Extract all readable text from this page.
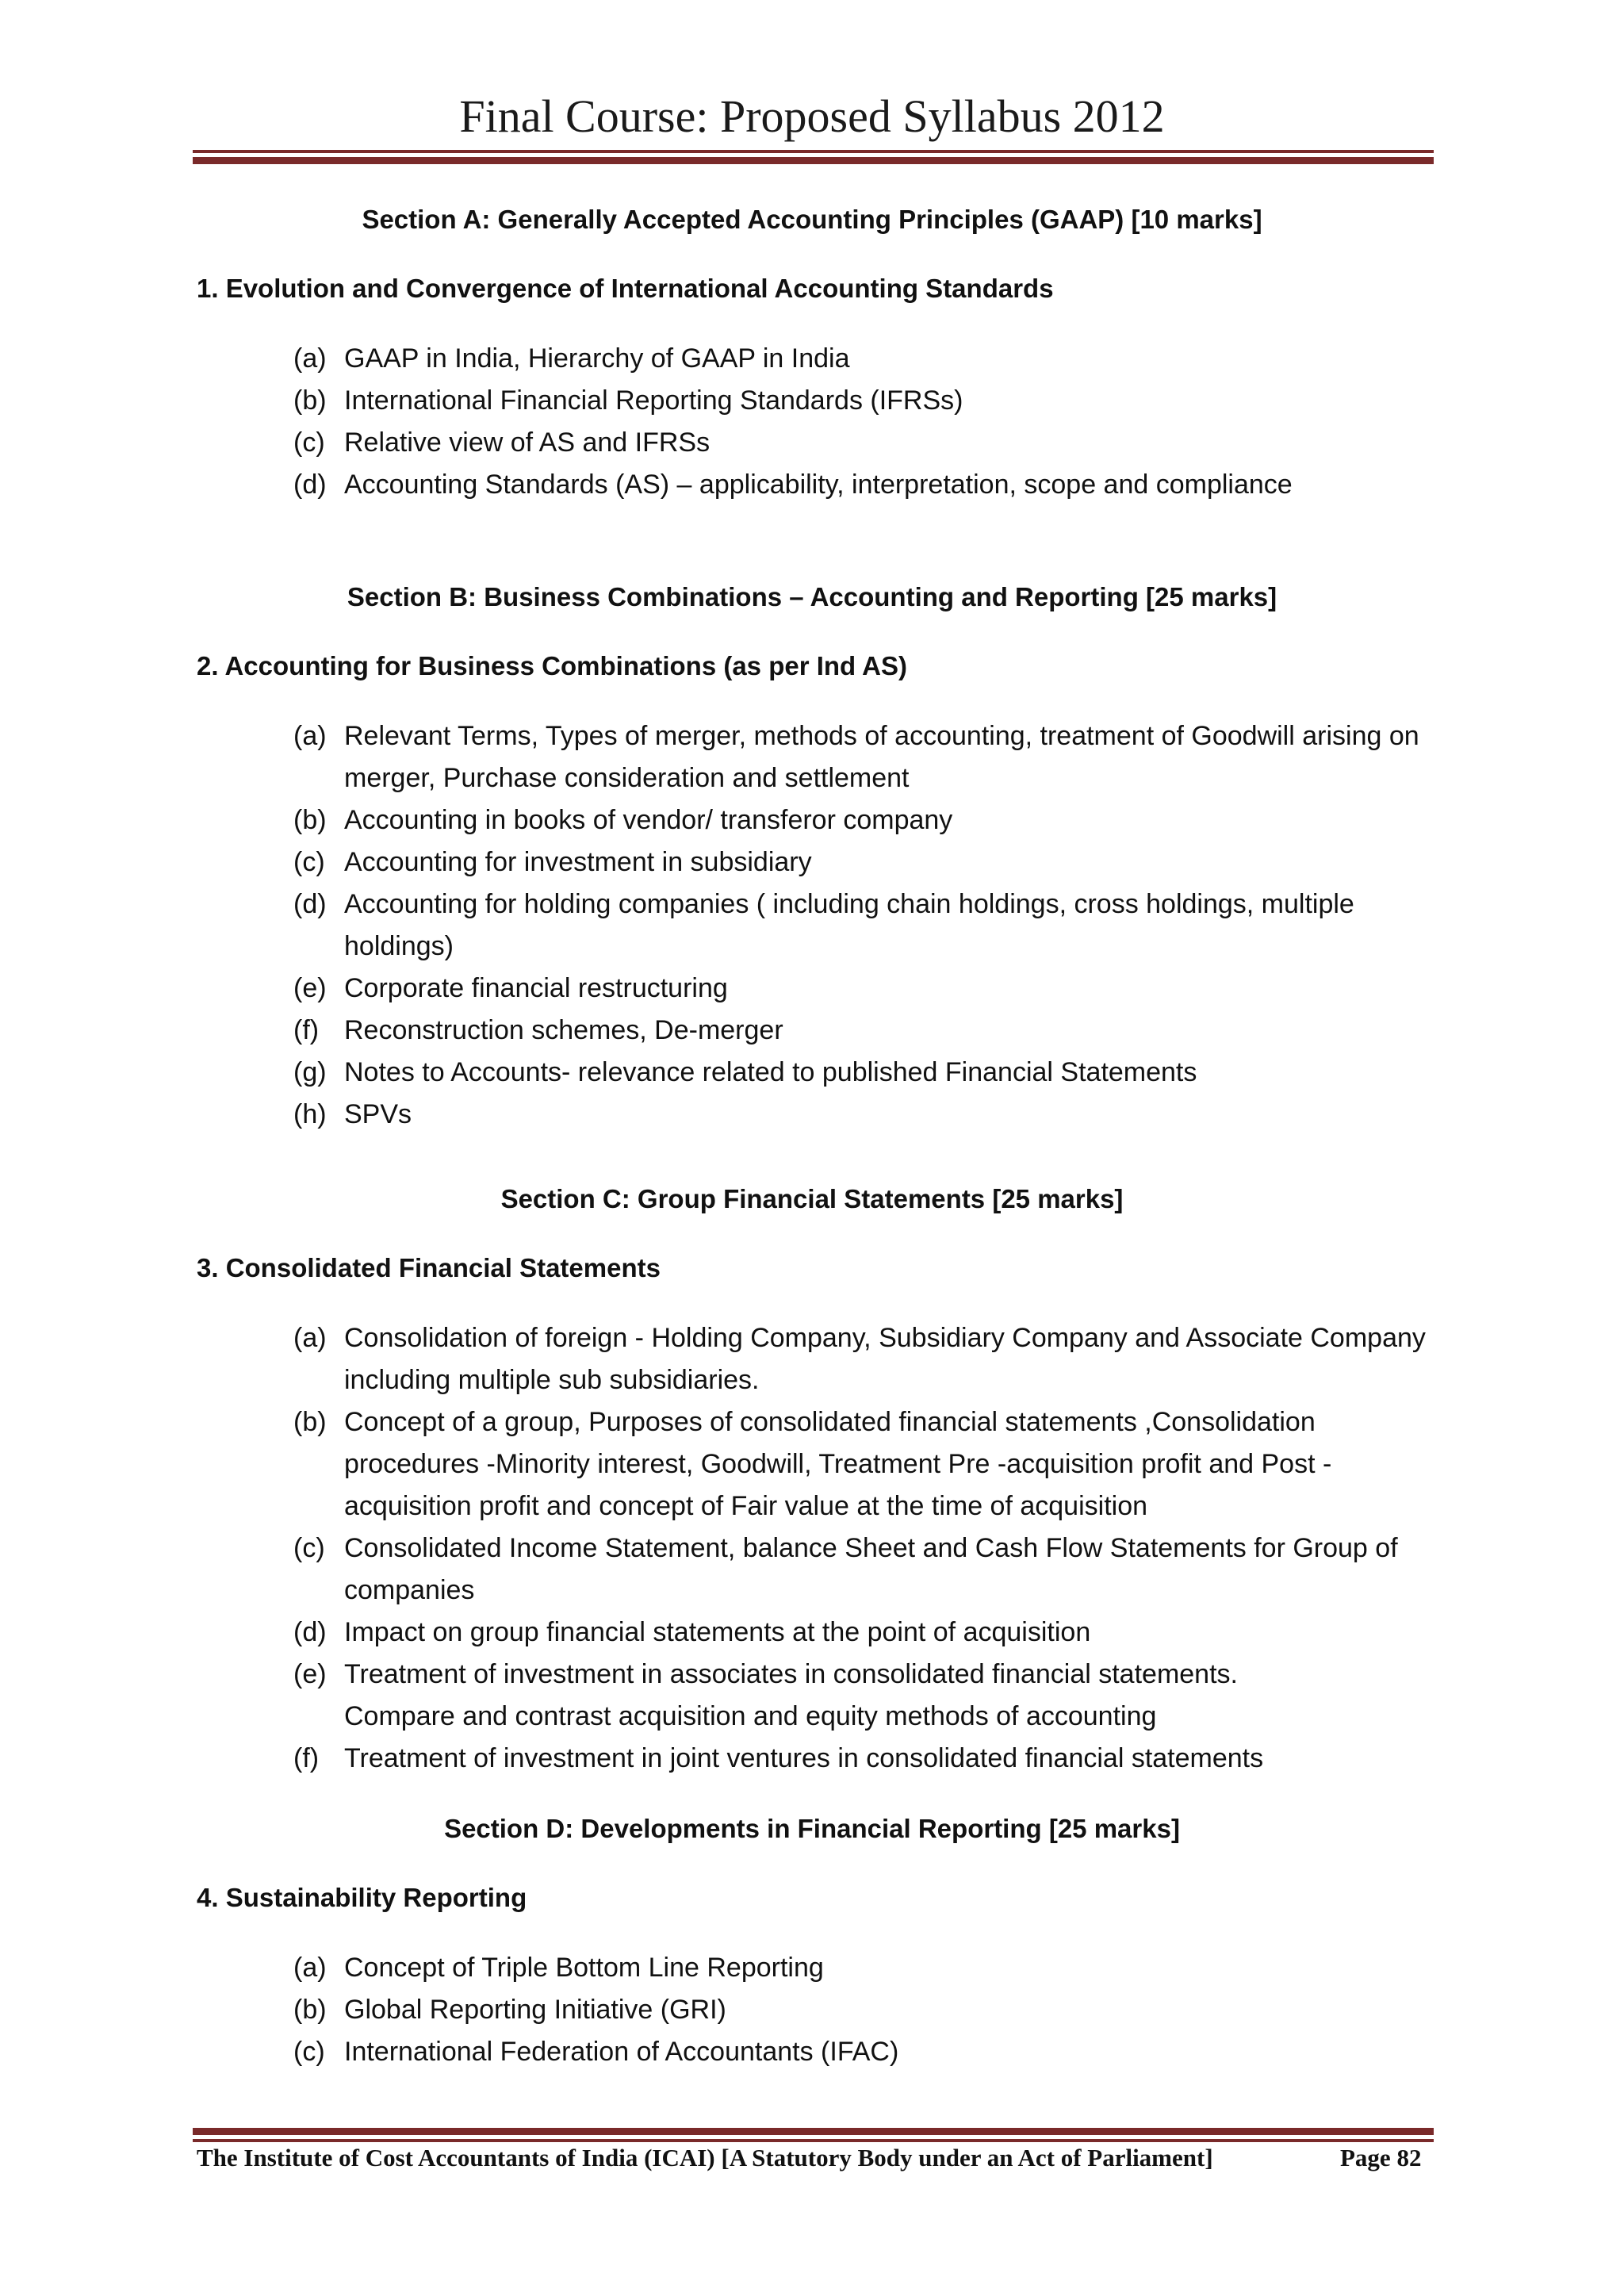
Final Course: Proposed Syllabus 2012
Section A: Generally Accepted Accounting Principles (GAAP) [10 marks]
1. Evolution and Convergence of International Accounting Standards
(a) GAAP in India, Hierarchy of GAAP in India
(b) International Financial Reporting Standards (IFRSs)
(c) Relative view of AS and IFRSs
(d) Accounting Standards (AS) – applicability, interpretation, scope and compliance
Section B: Business Combinations – Accounting and Reporting [25 marks]
2. Accounting for Business Combinations (as per Ind AS)
(a) Relevant Terms, Types of merger, methods of accounting, treatment of Goodwill arising on merger, Purchase consideration and settlement
(b) Accounting in books of vendor/ transferor company
(c) Accounting for investment in subsidiary
(d) Accounting for holding companies ( including chain holdings, cross holdings, multiple holdings)
(e) Corporate financial restructuring
(f) Reconstruction schemes, De-merger
(g) Notes to Accounts- relevance related to published Financial Statements
(h) SPVs
Section C: Group Financial Statements [25 marks]
3. Consolidated Financial Statements
(a) Consolidation of foreign - Holding Company, Subsidiary Company and Associate Company including multiple sub subsidiaries.
(b) Concept of a group, Purposes of consolidated financial statements ,Consolidation procedures -Minority interest, Goodwill, Treatment Pre -acquisition profit and Post -acquisition profit and concept of Fair value at the time of acquisition
(c) Consolidated Income Statement, balance Sheet and Cash Flow Statements for Group of companies
(d) Impact on group financial statements at the point of acquisition
(e) Treatment of investment in associates in consolidated financial statements. Compare and contrast acquisition and equity methods of accounting
(f) Treatment of investment in joint ventures in consolidated financial statements
Section D: Developments in Financial Reporting [25 marks]
4. Sustainability Reporting
(a) Concept of Triple Bottom Line Reporting
(b) Global Reporting Initiative (GRI)
(c) International Federation of Accountants (IFAC)
The Institute of Cost Accountants of India (ICAI) [A Statutory Body under an Act of Parliament]	Page 82
